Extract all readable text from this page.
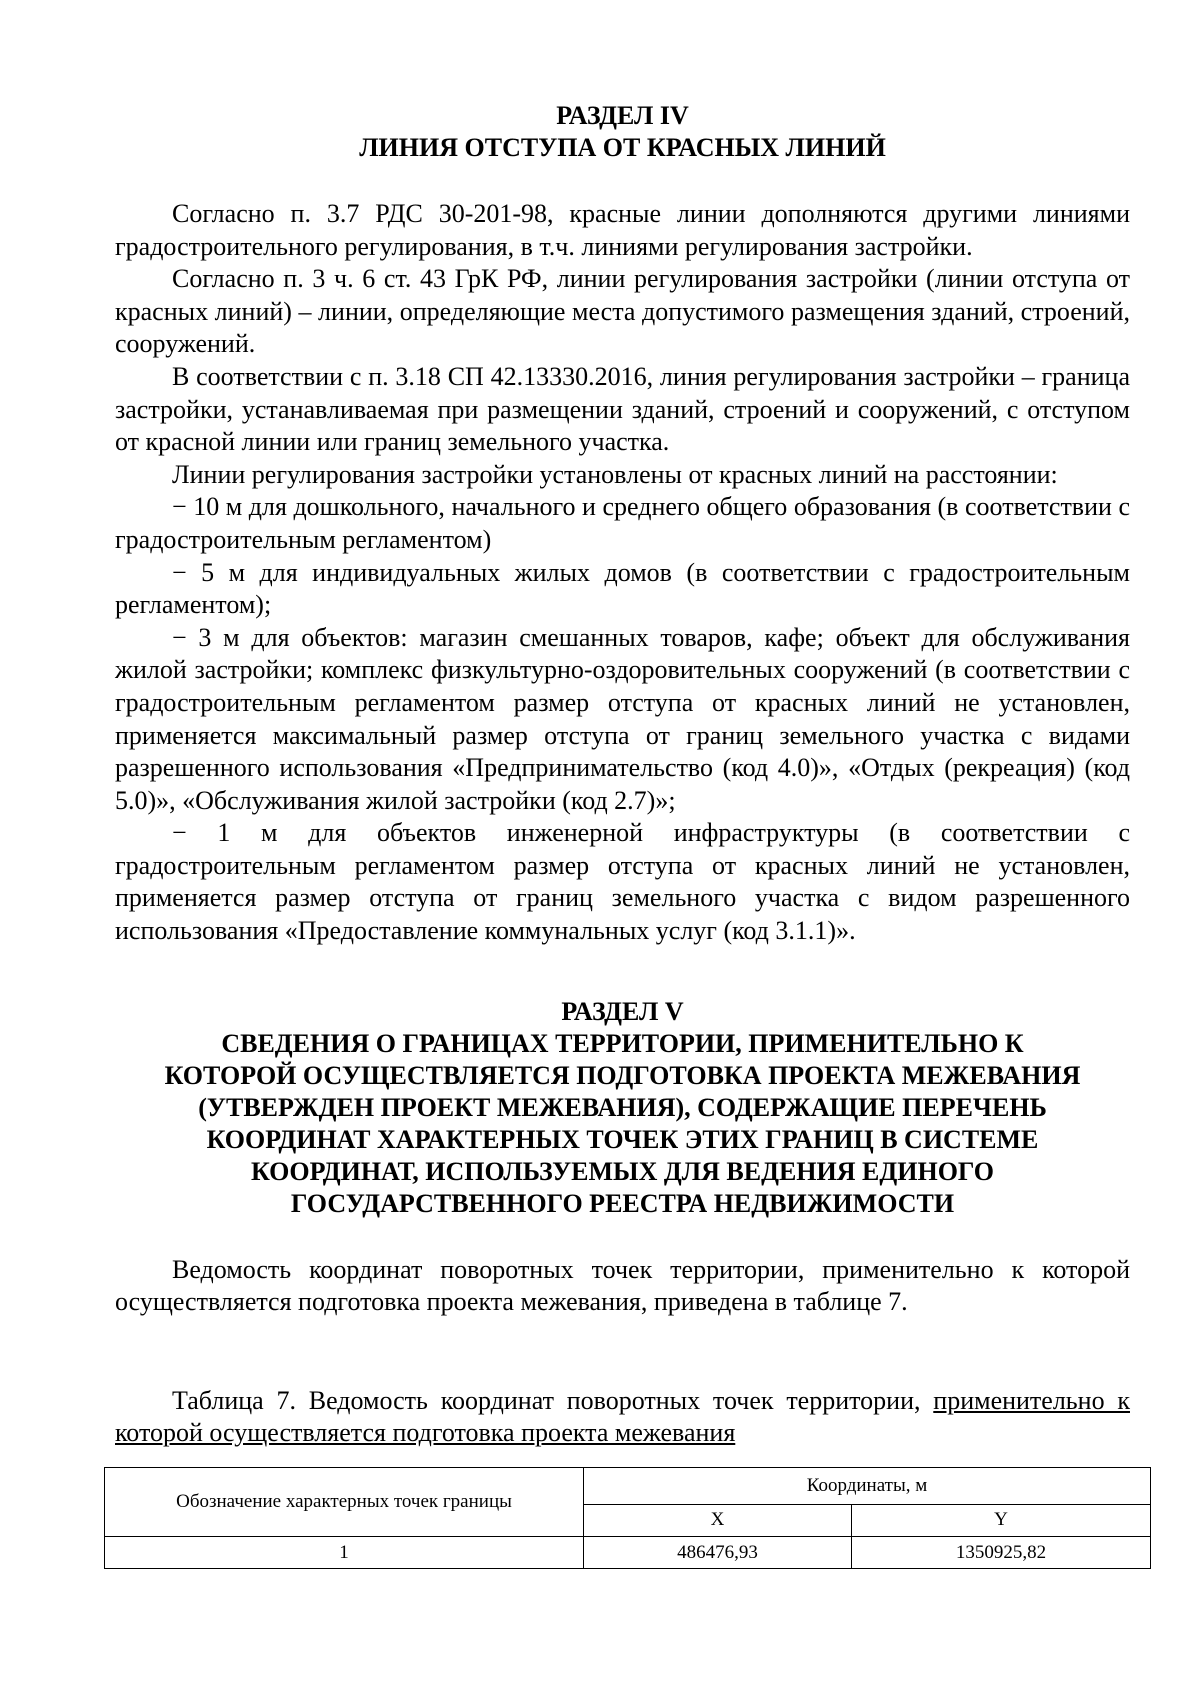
РАЗДЕЛ IV
ЛИНИЯ ОТСТУПА ОТ КРАСНЫХ ЛИНИЙ

Согласно п. 3.7 РДС 30-201-98, красные линии дополняются другими линиями градостроительного регулирования, в т.ч. линиями регулирования застройки.

Согласно п. 3 ч. 6 ст. 43 ГрК РФ, линии регулирования застройки (линии отступа от красных линий) – линии, определяющие места допустимого размещения зданий, строений, сооружений.

В соответствии с п. 3.18 СП 42.13330.2016, линия регулирования застройки – граница застройки, устанавливаемая при размещении зданий, строений и сооружений, с отступом от красной линии или границ земельного участка.

Линии регулирования застройки установлены от красных линий на расстоянии:

− 10 м для дошкольного, начального и среднего общего образования (в соответствии с градостроительным регламентом)

− 5 м для индивидуальных жилых домов (в соответствии с градостроительным регламентом);

− 3 м для объектов: магазин смешанных товаров, кафе; объект для обслуживания жилой застройки; комплекс физкультурно-оздоровительных сооружений (в соответствии с градостроительным регламентом размер отступа от красных линий не установлен, применяется максимальный размер отступа от границ земельного участка с видами разрешенного использования «Предпринимательство (код 4.0)», «Отдых (рекреация) (код 5.0)», «Обслуживания жилой застройки (код 2.7)»;

− 1 м для объектов инженерной инфраструктуры (в соответствии с градостроительным регламентом размер отступа от красных линий не установлен, применяется размер отступа от границ земельного участка с видом разрешенного использования «Предоставление коммунальных услуг (код 3.1.1)».

РАЗДЕЛ V
СВЕДЕНИЯ О ГРАНИЦАХ ТЕРРИТОРИИ, ПРИМЕНИТЕЛЬНО К
КОТОРОЙ ОСУЩЕСТВЛЯЕТСЯ ПОДГОТОВКА ПРОЕКТА МЕЖЕВАНИЯ
(УТВЕРЖДЕН ПРОЕКТ МЕЖЕВАНИЯ), СОДЕРЖАЩИЕ ПЕРЕЧЕНЬ
КООРДИНАТ ХАРАКТЕРНЫХ ТОЧЕК ЭТИХ ГРАНИЦ В СИСТЕМЕ
КООРДИНАТ, ИСПОЛЬЗУЕМЫХ ДЛЯ ВЕДЕНИЯ ЕДИНОГО
ГОСУДАРСТВЕННОГО РЕЕСТРА НЕДВИЖИМОСТИ

Ведомость координат поворотных точек территории, применительно к которой осуществляется подготовка проекта межевания, приведена в таблице 7.

Таблица 7. Ведомость координат поворотных точек территории, применительно к которой осуществляется подготовка проекта межевания

Обозначение характерных точек границы	Координаты, м	
	X	Y
1	486476,93	1350925,82
